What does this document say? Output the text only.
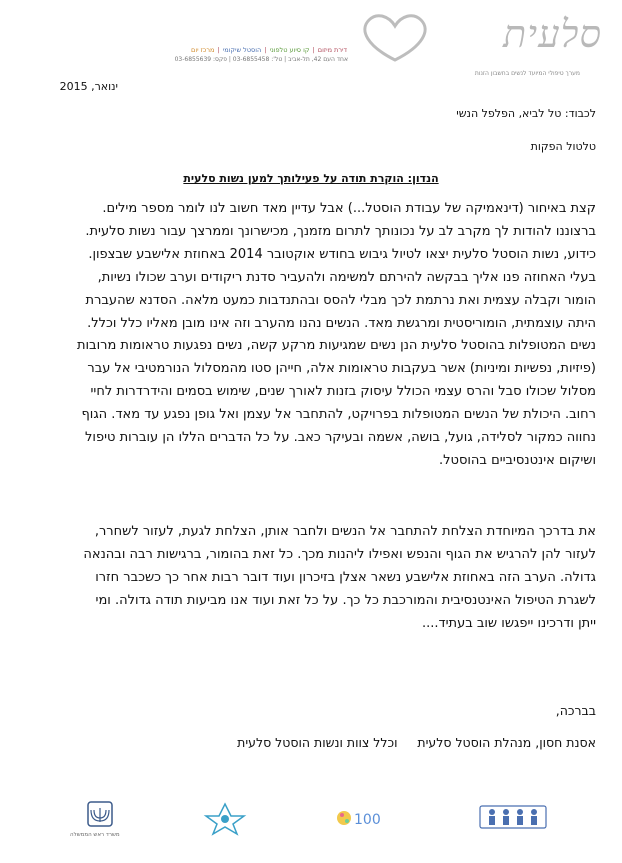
סלעית
מערך טיפולי המיועד לנשים בחשבון הזנות
דירת מיזום | קו סיוע טלפוני | הוסטל שיקומי | מרכז יום
אחד העם 42, תל-אביב | טל': 03-6855458 | פקס: 03-6855639
ינואר, 2015
לכבוד: טל לביא, הפלפל הנשי
טלטול הפקות
הנדון: הוקרת תודה על פעילותך למען נשות סלעית
קצת באיחור (דינאמיקה של עבודת הוסטל...) אבל עדיין מאד חשוב לנו לומר מספר מילים.
ברצוננו להודות לך מקרב לב על נכונותך לתרום מזמנך, מכישרונך וממרצך עבור נשות סלעית.
כידוע, נשות הוסטל סלעית יצאו לטיול גיבוש בחודש אוקטובר 2014 באחוזת אלישבע שבצפון.
בעלי האחוזה פנו אליך בבקשה להירתם למשימה ולהעביר סדנת ריקודים וערב שכולו נשיות,
הומור וקבלה עצמית ואת נרתמת לכך מבלי להסס ובהתנדבות כמעט מלאה. הסדנא שהעברת
היתה עוצמתית, הומוריסטית ומרגשת מאד. הנשים נהנו מהערב וזה אינו מובן מאליו כלל וכלל.
נשים המטופלות בהוסטל סלעית הנן נשים שמגיעות מרקע קשה, נשים נפגעות טראומות מרובות
(פיזיות, נפשיות ומיניות) אשר בעקבות טראומות אלה, חייהן סטו מהמסלול הנורמטיבי אל עבר
מסלול שכולו סבל והרס עצמי הכולל עיסוק בזנות לאורך שנים, שימוש בסמים והידרדרות לחיי
רחוב. היכולת של הנשים המטופלות בפרויקט, להתחבר אל עצמן ואל גופן נפגע עד מאד. הגוף
נחווה כמקור לסלידה, גועל, בושה, אשמה ובעיקר כאב. על כל הדברים הללו הן עוברות טיפול
ושיקום אינטנסיביים בהוסטל.
את בדרכך המיוחדת הצלחת להתחבר אל הנשים ולחבר אותן, הצלחת לגעת, לעזור לשחרר,
לעזור להן להרגיש את הגוף והנפש ואפילו ליהנות מכך. כל זאת בהומור, ברגישות רבה ובהנאה
גדולה. הערב הזה באחוזת אלישבע נשאר אצלן בזיכרון ועוד דובר רבות אחר כך כשכבר חזרו
לשגרת הטיפול האינטנסיבית והמורכבת כל כך. על כל זאת ועוד אנו מביעות תודה גדולה. ומי
ייתן ודרכינו ייפגשו שוב בעתיד....
בברכה,
אסנת חסון, מנהלת הוסטל סלעית     וכלל צוות ונשות הוסטל סלעית
משרד ראש הממשלה
100
